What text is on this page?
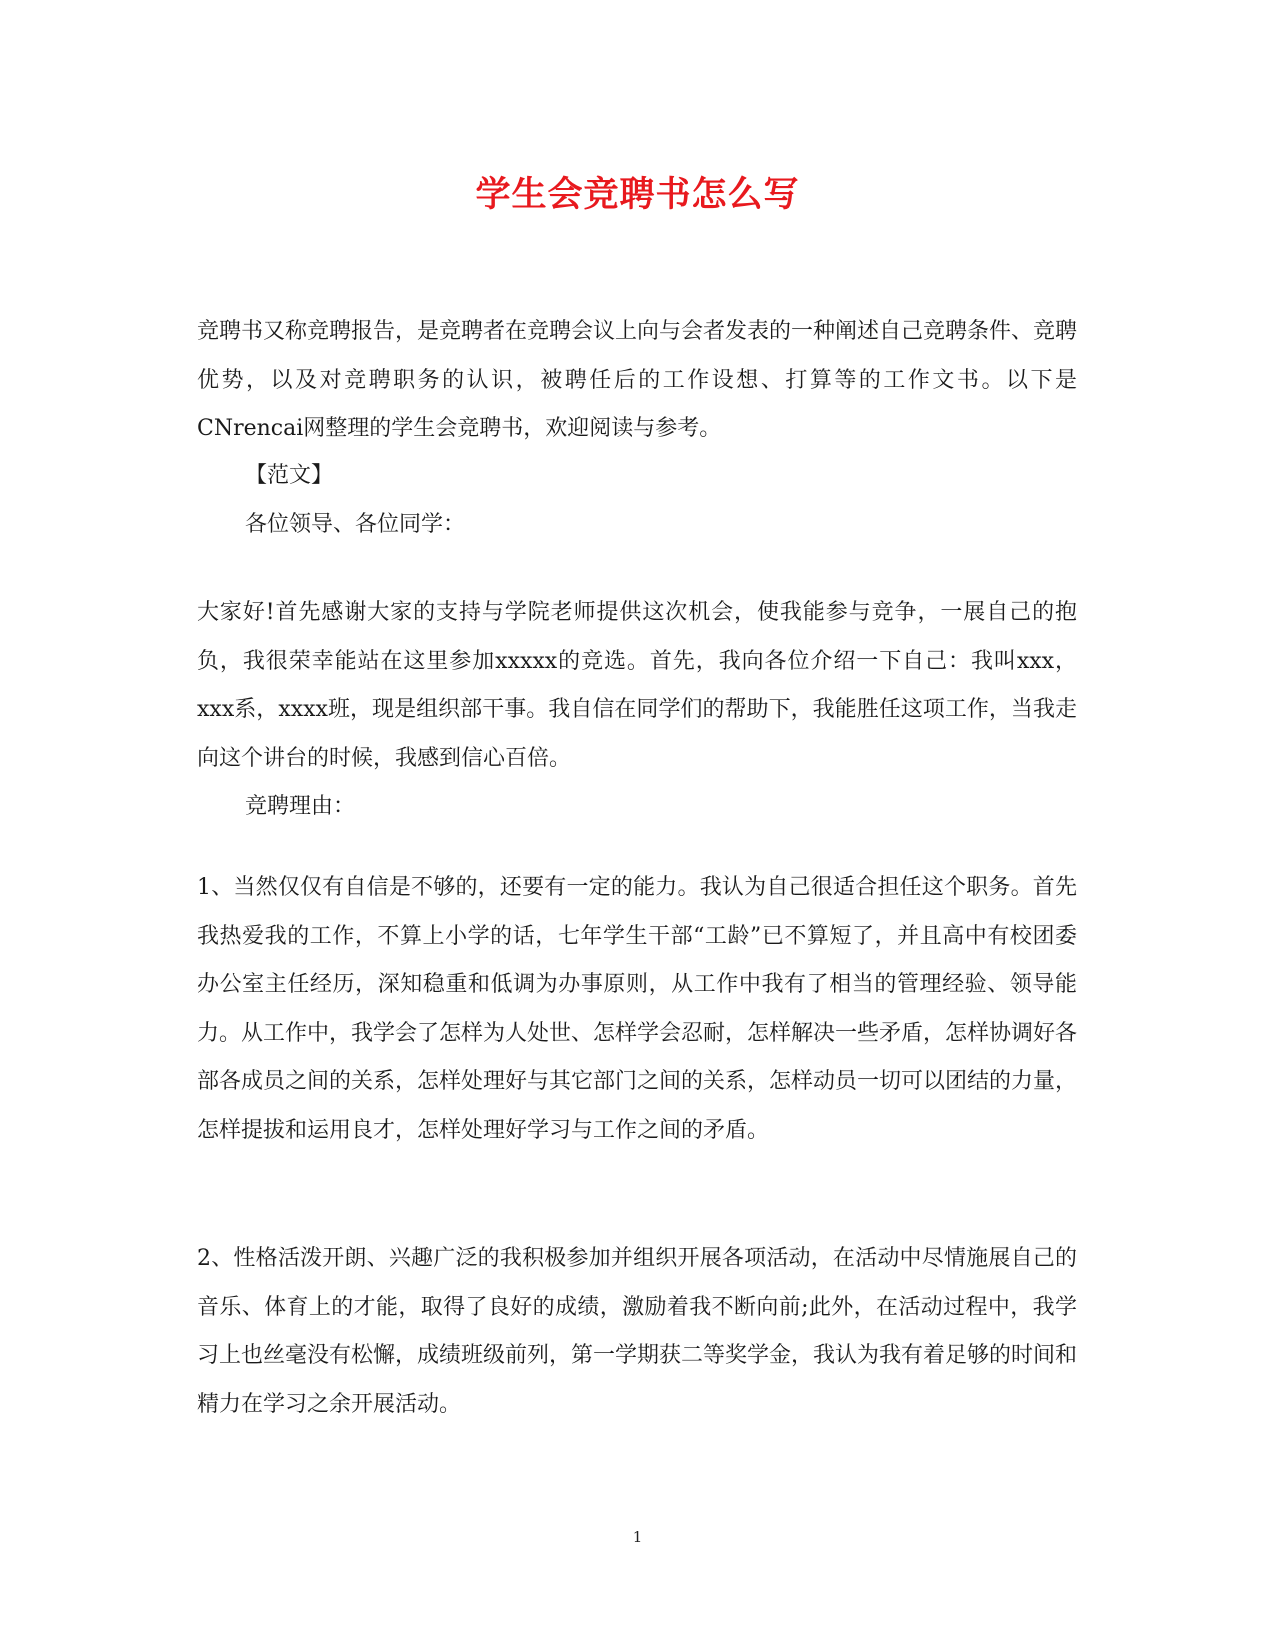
学生会竞聘书怎么写

竞聘书又称竞聘报告，是竞聘者在竞聘会议上向与会者发表的一种阐述自己竞聘条件、竞聘优势，以及对竞聘职务的认识，被聘任后的工作设想、打算等的工作文书。以下是CNrencai网整理的学生会竞聘书，欢迎阅读与参考。

【范文】

各位领导、各位同学：

大家好!首先感谢大家的支持与学院老师提供这次机会，使我能参与竞争，一展自己的抱负，我很荣幸能站在这里参加xxxxx的竞选。首先，我向各位介绍一下自己：我叫xxx，xxx系，xxxx班，现是组织部干事。我自信在同学们的帮助下，我能胜任这项工作，当我走向这个讲台的时候，我感到信心百倍。

竞聘理由：

1、当然仅仅有自信是不够的，还要有一定的能力。我认为自己很适合担任这个职务。首先我热爱我的工作，不算上小学的话，七年学生干部“工龄”已不算短了，并且高中有校团委办公室主任经历，深知稳重和低调为办事原则，从工作中我有了相当的管理经验、领导能力。从工作中，我学会了怎样为人处世、怎样学会忍耐，怎样解决一些矛盾，怎样协调好各部各成员之间的关系，怎样处理好与其它部门之间的关系，怎样动员一切可以团结的力量，怎样提拔和运用良才，怎样处理好学习与工作之间的矛盾。

2、性格活泼开朗、兴趣广泛的我积极参加并组织开展各项活动，在活动中尽情施展自己的音乐、体育上的才能，取得了良好的成绩，激励着我不断向前;此外，在活动过程中，我学习上也丝毫没有松懈，成绩班级前列，第一学期获二等奖学金，我认为我有着足够的时间和精力在学习之余开展活动。

1
